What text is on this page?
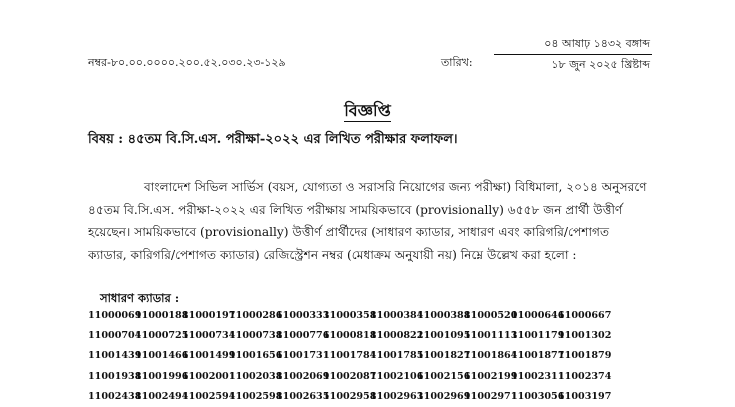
নম্বর-৮০.০০.০০০০.২০০.৫২.০৩০.২৩-১২৯	তারিখ:
০৪ আষাঢ় ১৪৩২ বঙ্গাব্দ
১৮ জুন ২০২৫ খ্রিষ্টাব্দ
বিজ্ঞপ্তি
বিষয় : ৪৫তম বি.সি.এস. পরীক্ষা-২০২২ এর লিখিত পরীক্ষার ফলাফল।
বাংলাদেশ সিভিল সার্ভিস (বয়স, যোগ্যতা ও সরাসরি নিয়োগের জন্য পরীক্ষা) বিধিমালা, ২০১৪ অনুসরণে
৪৫তম বি.সি.এস. পরীক্ষা-২০২২ এর লিখিত পরীক্ষায় সাময়িকভাবে (provisionally) ৬৫৫৮ জন প্রার্থী উত্তীর্ণ
হয়েছেন। সাময়িকভাবে (provisionally) উত্তীর্ণ প্রার্থীদের (সাধারণ ক্যাডার, সাধারণ এবং কারিগরি/পেশাগত
ক্যাডার, কারিগরি/পেশাগত ক্যাডার) রেজিস্ট্রেশন নম্বর (মেধাক্রম অনুযায়ী নয়) নিম্নে উল্লেখ করা হলো :
সাধারণ ক্যাডার :
11000069
11000188
11000197
11000286
11000333
11000358
11000384
11000388
11000520
11000646
11000667
11000704
11000725
11000734
11000738
11000776
11000818
11000822
11001095
11001113
11001179
11001302
11001439
11001466
11001499
11001656
11001731
11001784
11001785
11001827
11001864
11001877
11001879
11001938
11001996
11002001
11002038
11002069
11002087
11002106
11002156
11002199
11002311
11002374
11002438
11002494
11002594
11002598
11002635
11002958
11002963
11002969
11002971
11003056
11003197
